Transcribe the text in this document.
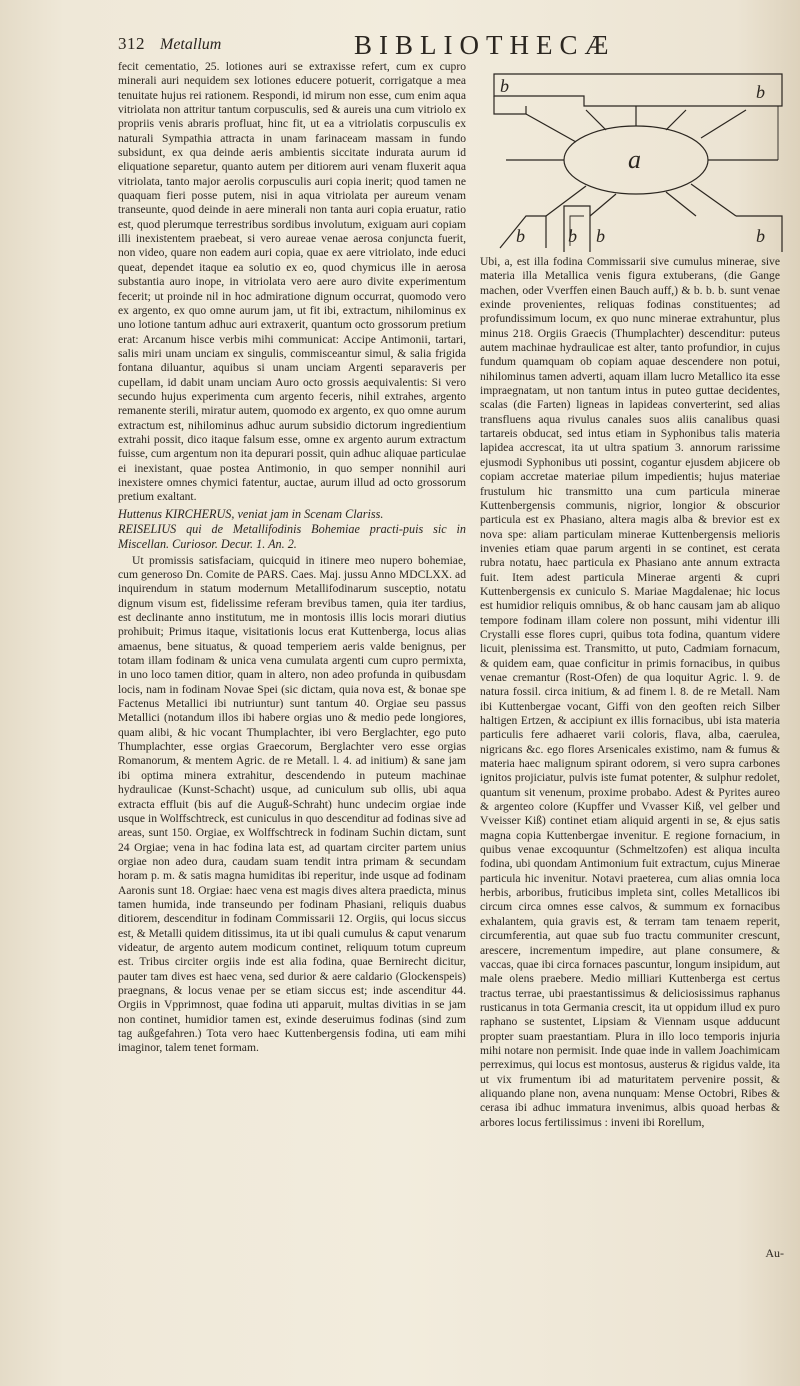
312 Metallum	BIBLIOTHECÆ

fecit cementatio, 25. lotiones auri se extraxisse refert, cum ex cupro minerali auri nequidem sex lotiones educere potuerit, corrigatque a mea tenuitate hujus rei rationem. Respondi, id mirum non esse, cum enim aqua vitriolata non attritur tantum corpusculis, sed & aureis una cum vitriolo ex propriis venis abraris profluat, hinc fit, ut ea a vitriolatis corpusculis ex naturali Sympathia attracta in unam farinaceam massam in fundo subsidunt, ex qua deinde aeris ambientis siccitate indurata aurum id eliquatione separetur, quanto autem per ditiorem auri venam fluxerit aqua vitriolata, tanto major aerolis corpusculis auri copia inerit; quod tamen ne quaquam fieri posse putem, nisi in aqua vitriolata per aureum venam transeunte, quod deinde in aere minerali non tanta auri copia eruatur, ratio est, quod plerumque terrestribus sordibus involutum, exiguam auri copiam illi inexistentem praebeat, si vero aureae venae aerosa conjuncta fuerit, non video, quare non eadem auri copia, quae ex aere vitriolato, inde educi queat, dependet itaque ea solutio ex eo, quod chymicus ille in aerosa substantia auro inope, in vitriolata vero aere auro divite experimentum fecerit; ut proinde nil in hoc admiratione dignum occurrat, quomodo vero ex argento, ex quo omne aurum jam, ut fit ibi, extractum, nihilominus ex uno lotione tantum adhuc auri extraxerit, quantum octo grossorum pretium erat: Arcanum hisce verbis mihi communicat: Accipe Antimonii, tartari, salis miri unam unciam ex singulis, commisceantur simul, & salia frigida fontana diluantur, aquibus si unam unciam Argenti separaveris per cupellam, id dabit unam unciam Auro octo grossis aequivalentis: Si vero secundo hujus experimenta cum argento feceris, nihil extrahes, argento remanente sterili, miratur autem, quomodo ex argento, ex quo omne aurum extractum est, nihilominus adhuc aurum subsidio dictorum ingredientium extrahi possit, dico itaque falsum esse, omne ex argento aurum extractum fuisse, cum argentum non ita depurari possit, quin adhuc aliquae particulae ei inexistant, quae postea Antimonio, in quo semper nonnihil auri inexistere omnes chymici fatentur, auctae, aurum illud ad octo grossorum pretium exaltant.

Huttenus KIRCHERUS, veniat jam in Scenam Clariss.

REISELIUS qui de Metallifodinis Bohemiae practi-puis sic in Miscellan. Curiosor. Decur. 1. An. 2.

Ut promissis satisfaciam, quicquid in itinere meo nupero bohemiae, cum generoso Dn. Comite de PARS. Caes. Maj. jussu Anno MDCLXX. ad inquirendum in statum modernum Metallifodinarum susceptio, notatu dignum visum est, fidelissime referam brevibus tamen, quia iter tardius, est declinante anno institutum, me in montosis illis locis morari diutius prohibuit; Primus itaque, visitationis locus erat Kuttenberga, locus alias amaenus, bene situatus, & quoad temperiem aeris valde benignus, per totam illam fodinam & unica vena cumulata argenti cum cupro permixta, in uno loco tamen ditior, quam in altero, non adeo profunda in quibusdam locis, nam in fodinam Novae Spei (sic dictam, quia nova est, & bonae spe Factenus Metallici ibi nutriuntur) sunt tantum 40. Orgiae seu passus Metallici (notandum illos ibi habere orgias uno & medio pede longiores, quam alibi, & hic vocant Thumplachter, ibi vero Berglachter, ego puto Thumplachter, esse orgias Graecorum, Berglachter vero esse orgias Romanorum, & mentem Agric. de re Metall. l. 4. ad initium) & sane jam ibi optima minera extrahitur, descendendo in puteum machinae hydraulicae (Kunst-Schacht) usque, ad cuniculum sub ollis, ubi aqua extracta effluit (bis auf die Auguß-Schraht) hunc undecim orgiae inde usque in Wolffschtreck, est cuniculus in quo descenditur ad fodinas sive ad areas, sunt 150. Orgiae, ex Wolffschtreck in fodinam Suchin dictam, sunt 24 Orgiae; vena in hac fodina lata est, ad quartam circiter partem unius orgiae non adeo dura, caudam suam tendit intra primam & secundam horam p. m. & satis magna humiditas ibi reperitur, inde usque ad fodinam Aaronis sunt 18. Orgiae: haec vena est magis dives altera praedicta, minus tamen humida, inde transeundo per fodinam Phasiani, reliquis duabus ditiorem, descenditur in fodinam Commissarii 12. Orgiis, qui locus siccus est, & Metalli quidem ditissimus, ita ut ibi quali cumulus & caput venarum videatur, de argento autem modicum continet, reliquum totum cupreum est. Tribus circiter orgiis inde est alia fodina, quae Bernirecht dicitur, pauter tam dives est haec vena, sed durior & aere caldario (Glockenspeis) praegnans, & locus venae per se etiam siccus est; inde ascenditur 44. Orgiis in Vpprimnost, quae fodina uti apparuit, multas divitias in se jam non continet, humidior tamen est, exinde deseruimus fodinas (sind zum tag außgefahren.) Tota vero haec Kuttenbergensis fodina, uti eam mihi imaginor, talem tenet formam.

b
a
b
b b b	b

Ubi, a, est illa fodina Commissarii sive cumulus minerae, sive materia illa Metallica venis figura extuberans, (die Gange machen, oder Vverffen einen Bauch auff,) & b. b. b. sunt venae exinde provenientes, reliquas fodinas constituentes; ad profundissimum locum, ex quo nunc minerae extrahuntur, plus minus 218. Orgiis Graecis (Thumplachter) descenditur: puteus autem machinae hydraulicae est alter, tanto profundior, in cujus fundum quamquam ob copiam aquae descendere non potui, nihilominus tamen adverti, aquam illam lucro Metallico ita esse impraegnatam, ut non tantum intus in puteo guttae decidentes, scalas (die Farten) ligneas in lapideas converterint, sed alias transfluens aqua rivulus canales suos aliis canalibus quasi tartareis obducat, sed intus etiam in Syphonibus talis materia lapidea accrescat, ita ut ultra spatium 3. annorum rarissime ejusmodi Syphonibus uti possint, cogantur ejusdem abjicere ob copiam accretae materiae pilum impedientis; hujus materiae frustulum hic transmitto una cum particula minerae Kuttenbergensis communis, nigrior, longior & obscurior particula est ex Phasiano, altera magis alba & brevior est ex nova spe: aliam particulam minerae Kuttenbergensis melioris invenies etiam quae parum argenti in se continet, est cerata rubra notatu, haec particula ex Phasiano ante annum extracta fuit. Item adest particula Minerae argenti & cupri Kuttenbergensis ex cuniculo S. Mariae Magdalenae; hic locus est humidior reliquis omnibus, & ob hanc causam jam ab aliquo tempore fodinam illam colere non possunt, mihi videntur illi Crystalli esse flores cupri, quibus tota fodina, quantum videre licuit, plenissima est. Transmitto, ut puto, Cadmiam fornacum, & quidem eam, quae conficitur in primis fornacibus, in quibus venae cremantur (Rost-Ofen) de qua loquitur Agric. l. 9. de natura fossil. circa initium, & ad finem l. 8. de re Metall. Nam ibi Kuttenbergae vocant, Giffi von den geoften reich Silber haltigen Ertzen, & accipiunt ex illis fornacibus, ubi ista materia particulis fere adhaeret varii coloris, flava, alba, caerulea, nigricans &c. ego flores Arsenicales existimo, nam & fumus & materia haec malignum spirant odorem, si vero supra carbones ignitos projiciatur, pulvis iste fumat potenter, & sulphur redolet, quantum sit venenum, proxime probabo. Adest & Pyrites aureo & argenteo colore (Kupffer und Vvasser Kiß, vel gelber und Vveisser Kiß) continet etiam aliquid argenti in se, & ejus satis magna copia Kuttenbergae invenitur. E regione fornacium, in quibus venae excoquuntur (Schmeltzofen) est aliqua inculta fodina, ubi quondam Antimonium fuit extractum, cujus Minerae particula hic invenitur. Notavi praeterea, cum alias omnia loca herbis, arboribus, fruticibus impleta sint, colles Metallicos ibi circum circa omnes esse calvos, & summum ex fornacibus exhalantem, quia gravis est, & terram tam tenaem reperit, circumferentia, aut quae sub fuo tractu communiter crescunt, arescere, incrementum impedire, aut plane consumere, & vaccas, quae ibi circa fornaces pascuntur, longum insipidum, aut male olens praebere. Medio milliari Kuttenberga est certus tractus terrae, ubi praestantissimus & deliciosissimus raphanus rusticanus in tota Germania crescit, ita ut oppidum illud ex puro raphano se sustentet, Lipsiam & Viennam usque adducunt propter suam praestantiam. Plura in illo loco temporis injuria mihi notare non permisit. Inde quae inde in vallem Joachimicam perreximus, qui locus est montosus, austerus & rigidus valde, ita ut vix frumentum ibi ad maturitatem pervenire possit, & aliquando plane non, avena nunquam: Mense Octobri, Ribes & cerasa ibi adhuc immatura invenimus, albis quoad herbas & arbores locus fertilissimus : inveni ibi Rorellum,

Au-
